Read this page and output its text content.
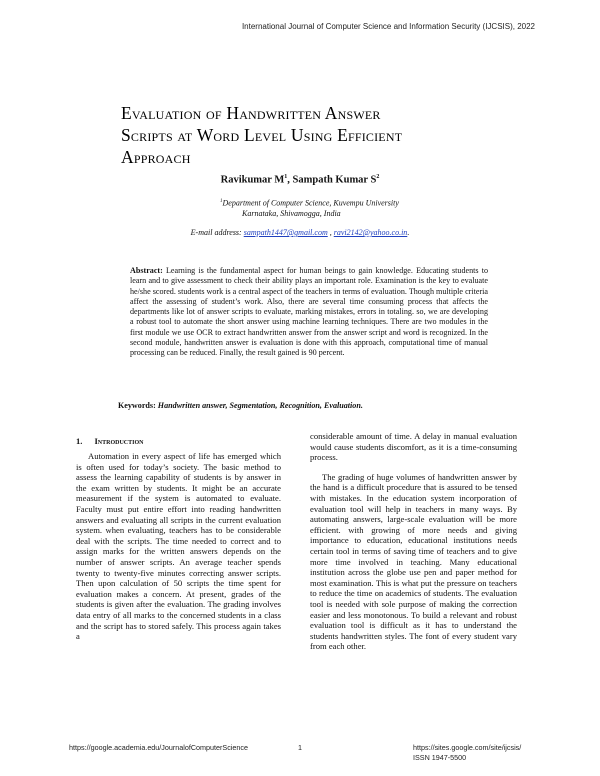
International Journal of Computer Science and Information Security (IJCSIS), 2022
Evaluation of Handwritten Answer
Scripts at Word Level Using Efficient
Approach
Ravikumar $M^1$, Sampath Kumar $S^2$
$^1$Department of Computer Science, Kuvempu University
Karnataka, Shivamogga, India
E-mail address: sampath1447@gmail.com , ravi2142@yahoo.co.in.
Abstract: Learning is the fundamental aspect for human beings to gain knowledge. Educating students to learn and to give assessment to check their ability plays an important role. Examination is the key to evaluate he/she scored. students work is a central aspect of the teachers in terms of evaluation. Though multiple criteria affect the assessing of student’s work. Also, there are several time consuming process that affects the departments like lot of answer scripts to evaluate, marking mistakes, errors in totaling. so, we are developing a robust tool to automate the short answer using machine learning techniques. There are two modules in the first module we use OCR to extract handwritten answer from the answer script and word is recognized. In the second module, handwritten answer is evaluation is done with this approach, computational time of manual processing can be reduced. Finally, the result gained is 90 percent.
Keywords: Handwritten answer, Segmentation, Recognition, Evaluation.
1. Introduction

Automation in every aspect of life has emerged which is often used for today’s society. The basic method to assess the learning capability of students is by answer in the exam written by students. It might be an accurate measurement if the system is automated to evaluate. Faculty must put entire effort into reading handwritten answers and evaluating all scripts in the current evaluation system. when evaluating, teachers has to be considerable deal with the scripts. The time needed to correct and to assign marks for the written answers depends on the number of answer scripts. An average teacher spends twenty to twenty-five minutes correcting answer scripts. Then upon calculation of 50 scripts the time spent for evaluation makes a concern. At present, grades of the students is given after the evaluation. The grading involves data entry of all marks to the concerned students in a class and the script has to stored safely. This process again takes a

considerable amount of time. A delay in manual evaluation would cause students discomfort, as it is a time-consuming process.

The grading of huge volumes of handwritten answer by the hand is a difficult procedure that is assured to be tensed with mistakes. In the education system incorporation of evaluation tool will help in teachers in many ways. By automating answers, large-scale evaluation will be more efficient. with growing of more needs and giving importance to education, educational institutions needs certain tool in terms of saving time of teachers and to give more time involved in teaching. Many educational institution across the globe use pen and paper method for most examination. This is what put the pressure on teachers to reduce the time on academics of students. The evaluation tool is needed with sole purpose of making the correction easier and less monotonous. To build a relevant and robust evaluation tool is difficult as it has to understand the students handwritten styles. The font of every student vary from each other.

https://google.academia.edu/JournalofComputerScience	1	https://sites.google.com/site/ijcsis/
ISSN 1947-5500
